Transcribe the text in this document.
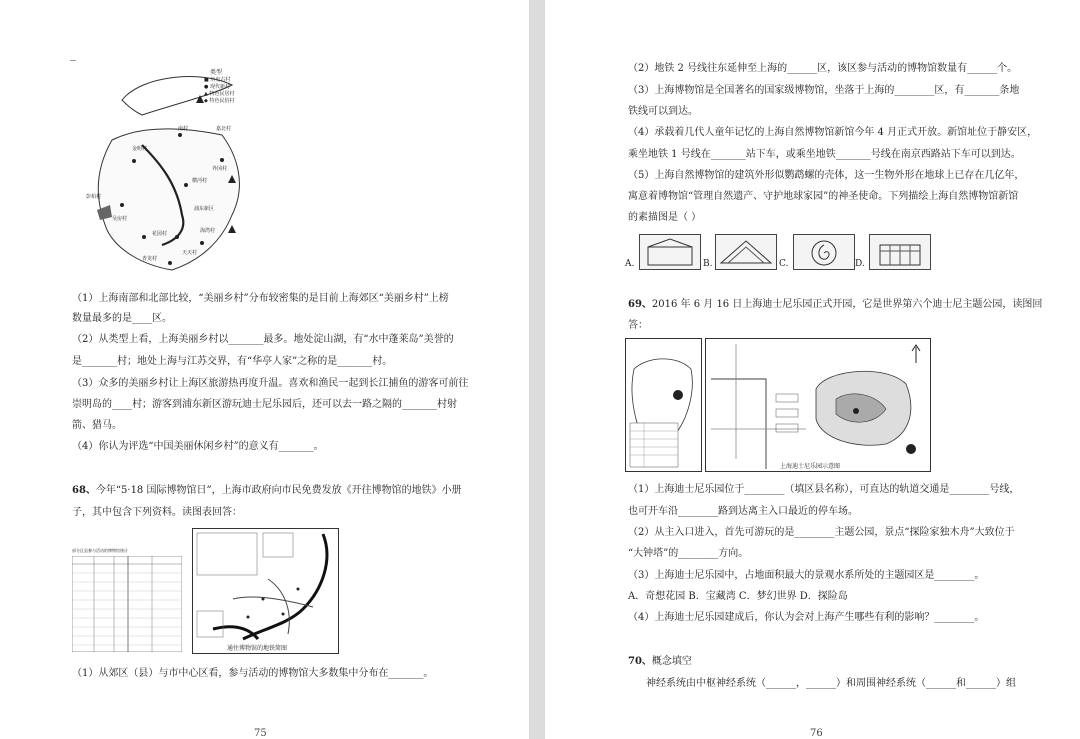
类型
■ 历史古村
● 现代新村
▲ 特色民居村
◆ 特色民俗村
嘉北村
金明村
外冈村
南村
横沔村
彭柏村
浦东新区
吴房村
海湾村
花园村
天天村
青龙村
（1）上海南部和北部比较，“美丽乡村”分布较密集的是目前上海郊区“美丽乡村”上榜
数量最多的是____区。
（2）从类型上看，上海美丽乡村以_______最多。地处淀山湖，有“水中蓬莱岛”美誉的
是_______村；地处上海与江苏交界，有“华亭人家”之称的是_______村。
（3）众多的美丽乡村让上海区旅游热再度升温。喜欢和渔民一起到长江捕鱼的游客可前往
崇明岛的____村；游客到浦东新区游玩迪士尼乐园后，还可以去一路之隔的_______村射
箭、猎马。
（4）你认为评选“中国美丽休闲乡村”的意义有_______。
68、今年“5·18 国际博物馆日”，上海市政府向市民免费发放《开往博物馆的地铁》小册
子，其中包含下列资料。读图表回答：
部分区县参与活动的博物馆统计
通往博物馆的地铁简图
（1）从郊区（县）与市中心区看，参与活动的博物馆大多数集中分布在_______。
75
（2）地铁 2 号线往东延伸至上海的______区，该区参与活动的博物馆数量有______个。
（3）上海博物馆是全国著名的国家级博物馆，坐落于上海的________区，有_______条地
铁线可以到达。
（4）承载着几代人童年记忆的上海自然博物馆新馆今年 4 月正式开放。新馆址位于静安区，
乘坐地铁 1 号线在_______站下车，或乘坐地铁_______号线在南京西路站下车可以到达。
（5）上海自然博物馆的建筑外形似鹦鹉螺的壳体，这一生物外形在地球上已存在几亿年，
寓意着博物馆“管理自然遗产、守护地球家园”的神圣使命。下列描绘上海自然博物馆新馆
的素描图是（ ）
A.	B.	C.	D.
69、2016 年 6 月 16 日上海迪士尼乐园正式开园，它是世界第六个迪士尼主题公园，读图回
答：
上海迪士尼乐园示意图
（1）上海迪士尼乐园位于________（填区县名称），可直达的轨道交通是________号线，
也可开车沿________路到达离主入口最近的停车场。
（2）从主入口进入，首先可游玩的是________主题公园，景点“探险家独木舟”大致位于
“大钟塔”的________方向。
（3）上海迪士尼乐园中，占地面积最大的景观水系所处的主题园区是________。
A．奇想花园 B．宝藏湾 C．梦幻世界 D．探险岛
（4）上海迪士尼乐园建成后，你认为会对上海产生哪些有利的影响？________。
70、概念填空
神经系统由中枢神经系统（______，______）和周围神经系统（______和______）组
76
